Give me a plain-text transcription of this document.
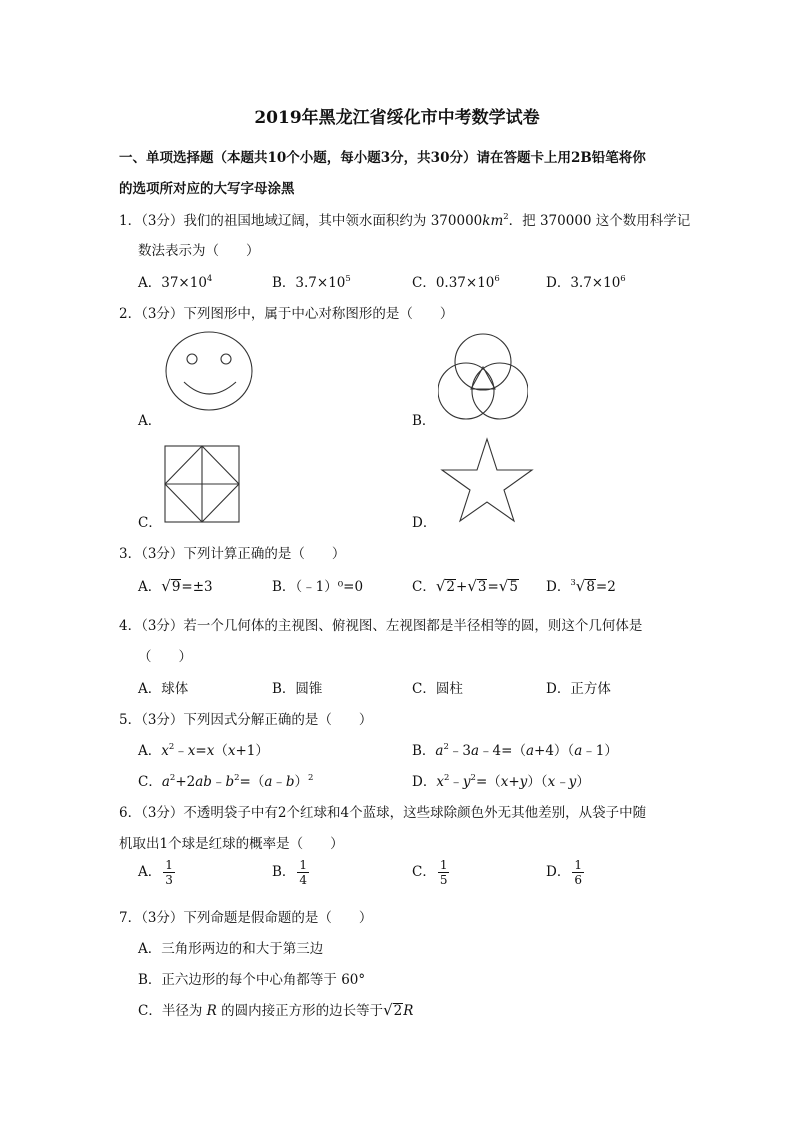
2019年黑龙江省绥化市中考数学试卷
一、单项选择题（本题共10个小题，每小题3分，共30分）请在答题卡上用2B铅笔将你
的选项所对应的大写字母涂黑
1．（3分）我们的祖国地域辽阔，其中领水面积约为 $370000km^2$．把 370000 这个数用科学记
数法表示为（　　）
A．$37\times 10^4$	B．$3.7\times 10^5$	C．$0.37\times 10^6$	D．$3.7\times 10^6$
2．（3分）下列图形中，属于中心对称图形的是（　　）
A．	B．
C．	D．
3．（3分）下列计算正确的是（　　）
A．√9=±3	B．（﹣1）⁰=0	C．√2+√3=√5 D．$^3$√8=2
4．（3分）若一个几何体的主视图、俯视图、左视图都是半径相等的圆，则这个几何体是
（　　）
A．球体	B．圆锥	C．圆柱	D．正方体
5．（3分）下列因式分解正确的是（　　）
A．$x^2﹣x=x(x+1)$	B．$a^2﹣3a﹣4=(a+4)(a﹣1)$
C．$a^2+2ab﹣b^2=(a﹣b)^2$	D．$x^2﹣y^2=(x+y)(x﹣y)$
6．（3分）不透明袋子中有2个红球和4个蓝球，这些球除颜色外无其他差别，从袋子中随
机取出1个球是红球的概率是（　　）
A． $\frac{1}{3}$	B． $\frac{1}{4}$	C． $\frac{1}{5}$	D． $\frac{1}{6}$
7．（3分）下列命题是假命题的是（　　）
A．三角形两边的和大于第三边
B．正六边形的每个中心角都等于 60°
C．半径为 R 的圆内接正方形的边长等于√2R
